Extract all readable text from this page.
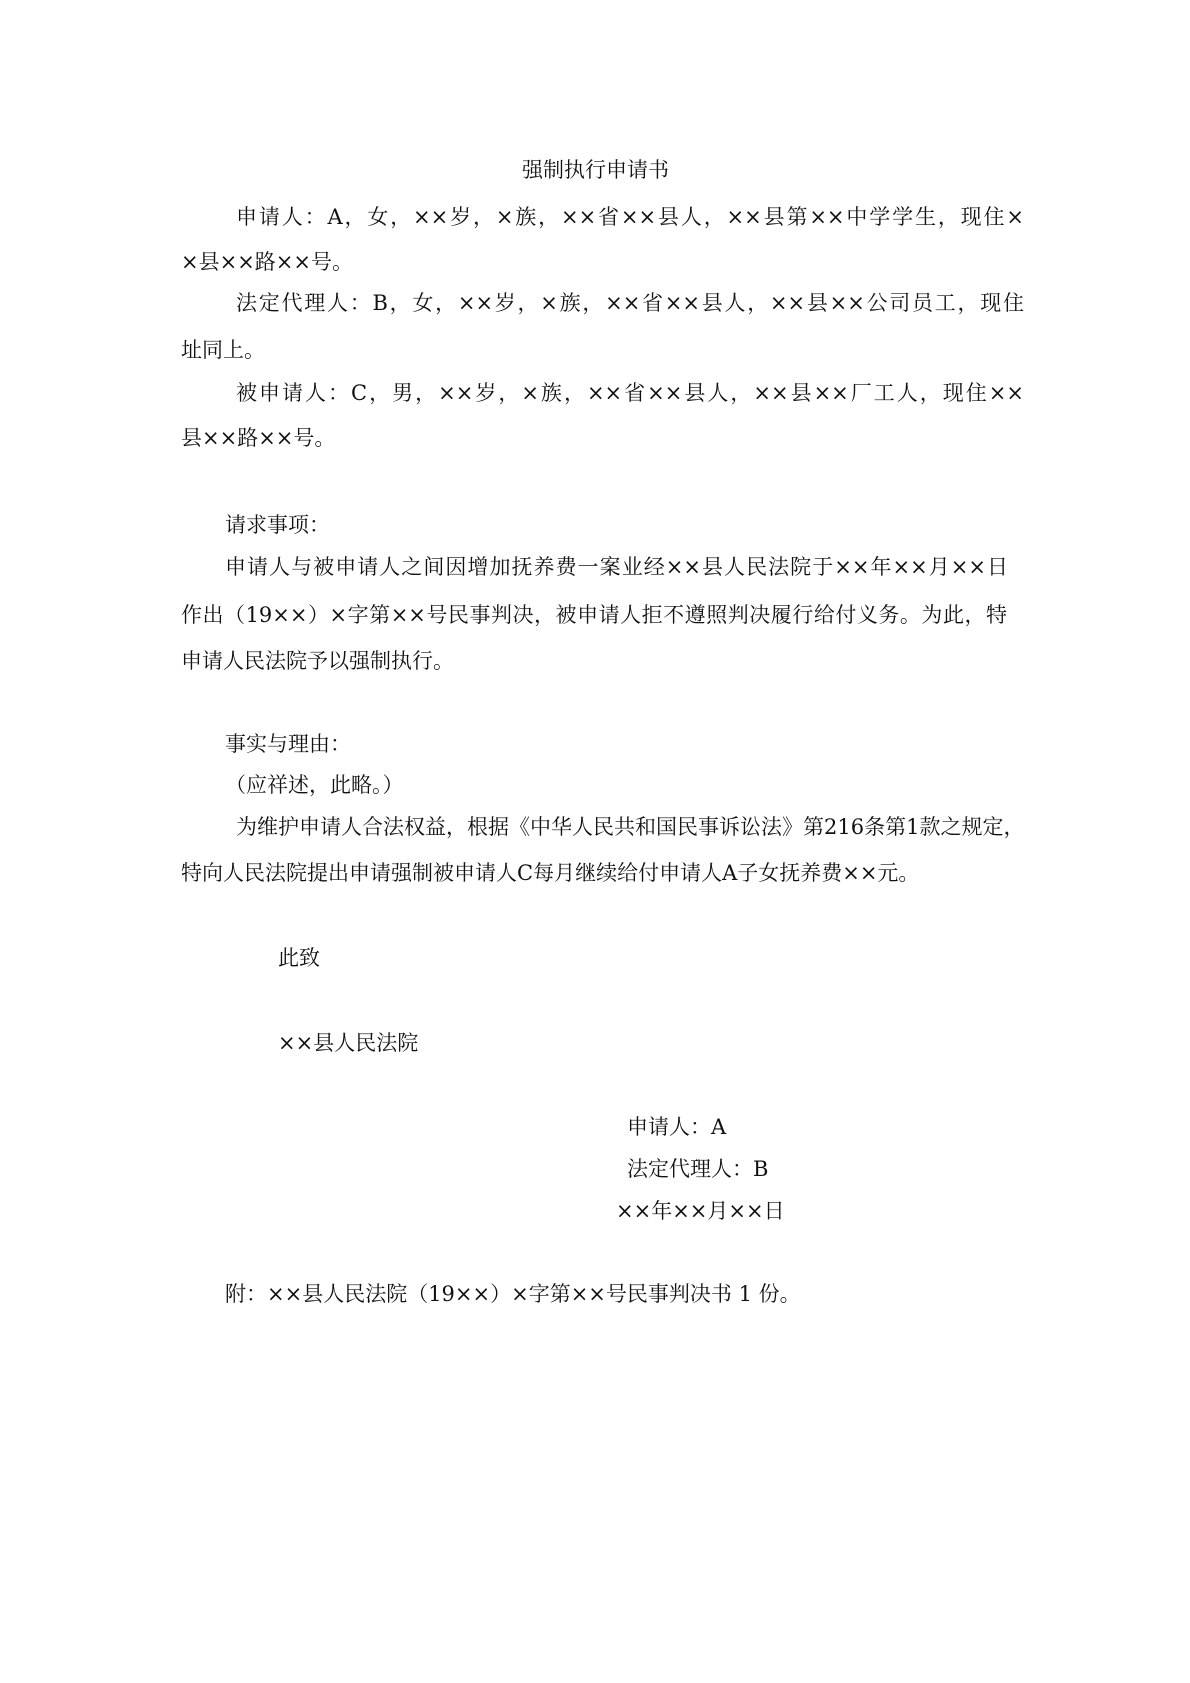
强制执行申请书
申请人：A，女，××岁，×族，××省××县人，××县第××中学学生，现住×
×县××路××号。
法定代理人：B，女，××岁，×族，××省××县人，××县××公司员工，现住
址同上。
被申请人：C，男，××岁，×族，××省××县人，××县××厂工人，现住××
县××路××号。
请求事项：
申请人与被申请人之间因增加抚养费一案业经××县人民法院于××年××月××日
作出（19××）×字第××号民事判决，被申请人拒不遵照判决履行给付义务。为此，特
申请人民法院予以强制执行。
事实与理由：
（应祥述，此略。）
为维护申请人合法权益，根据《中华人民共和国民事诉讼法》第216条第1款之规定，
特向人民法院提出申请强制被申请人C每月继续给付申请人A子女抚养费××元。
此致
××县人民法院
申请人：A
法定代理人：B
××年××月××日
附：××县人民法院（19××）×字第××号民事判决书 1 份。
